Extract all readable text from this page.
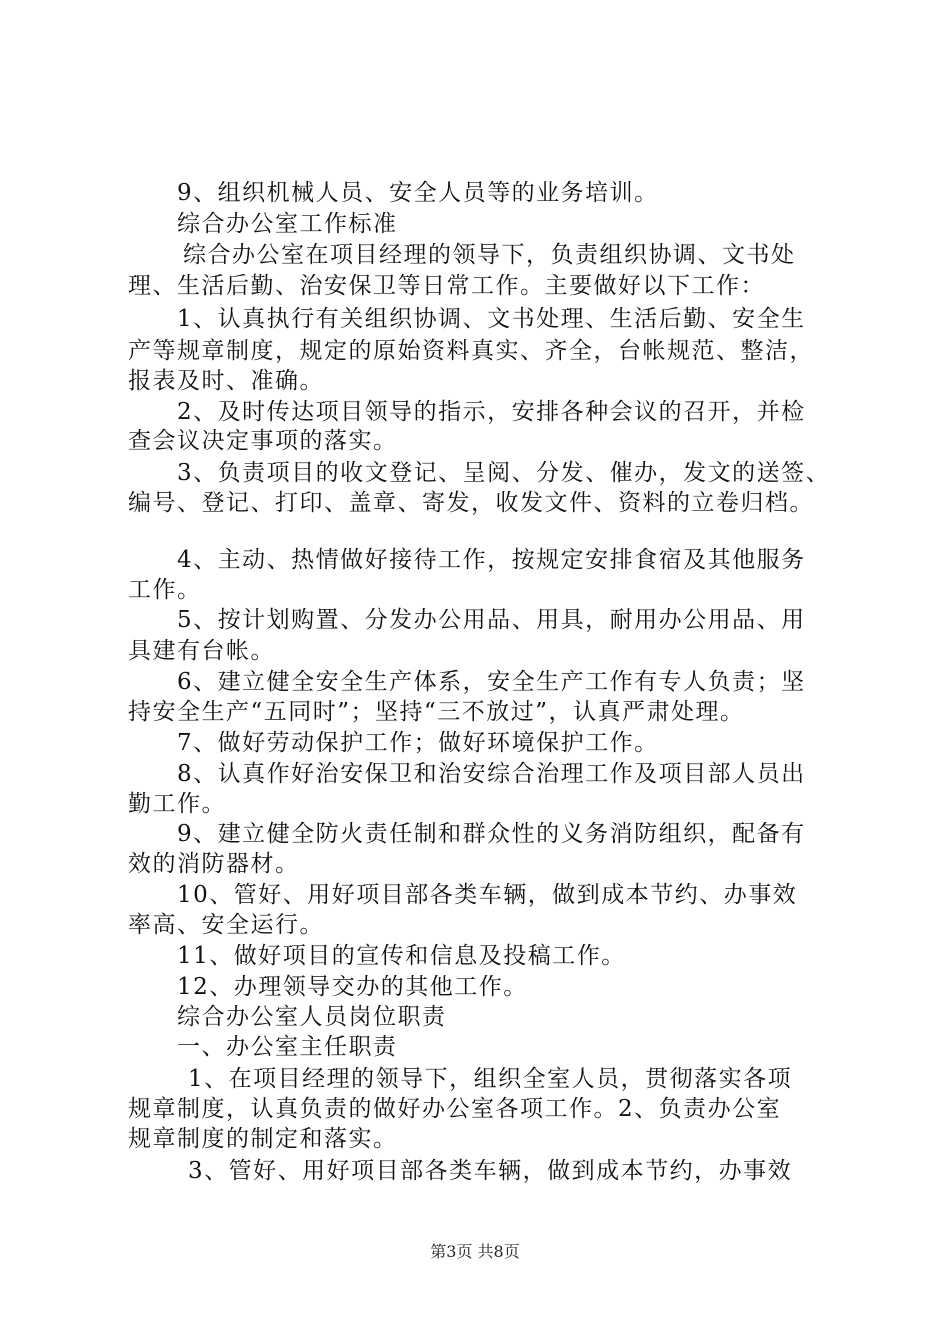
9、组织机械人员、安全人员等的业务培训。
综合办公室工作标准
综合办公室在项目经理的领导下，负责组织协调、文书处
理、生活后勤、治安保卫等日常工作。主要做好以下工作：
1、认真执行有关组织协调、文书处理、生活后勤、安全生
产等规章制度，规定的原始资料真实、齐全，台帐规范、整洁，
报表及时、准确。
2、及时传达项目领导的指示，安排各种会议的召开，并检
查会议决定事项的落实。
3、负责项目的收文登记、呈阅、分发、催办，发文的送签、
编号、登记、打印、盖章、寄发，收发文件、资料的立卷归档。
4、主动、热情做好接待工作，按规定安排食宿及其他服务
工作。
5、按计划购置、分发办公用品、用具，耐用办公用品、用
具建有台帐。
6、建立健全安全生产体系，安全生产工作有专人负责；坚
持安全生产“五同时”；坚持“三不放过”，认真严肃处理。
7、做好劳动保护工作；做好环境保护工作。
8、认真作好治安保卫和治安综合治理工作及项目部人员出
勤工作。
9、建立健全防火责任制和群众性的义务消防组织，配备有
效的消防器材。
10、管好、用好项目部各类车辆，做到成本节约、办事效
率高、安全运行。
11、做好项目的宣传和信息及投稿工作。
12、办理领导交办的其他工作。
综合办公室人员岗位职责
一、办公室主任职责
1、在项目经理的领导下，组织全室人员，贯彻落实各项
规章制度，认真负责的做好办公室各项工作。2、负责办公室
规章制度的制定和落实。
3、管好、用好项目部各类车辆，做到成本节约，办事效
第3页 共8页
